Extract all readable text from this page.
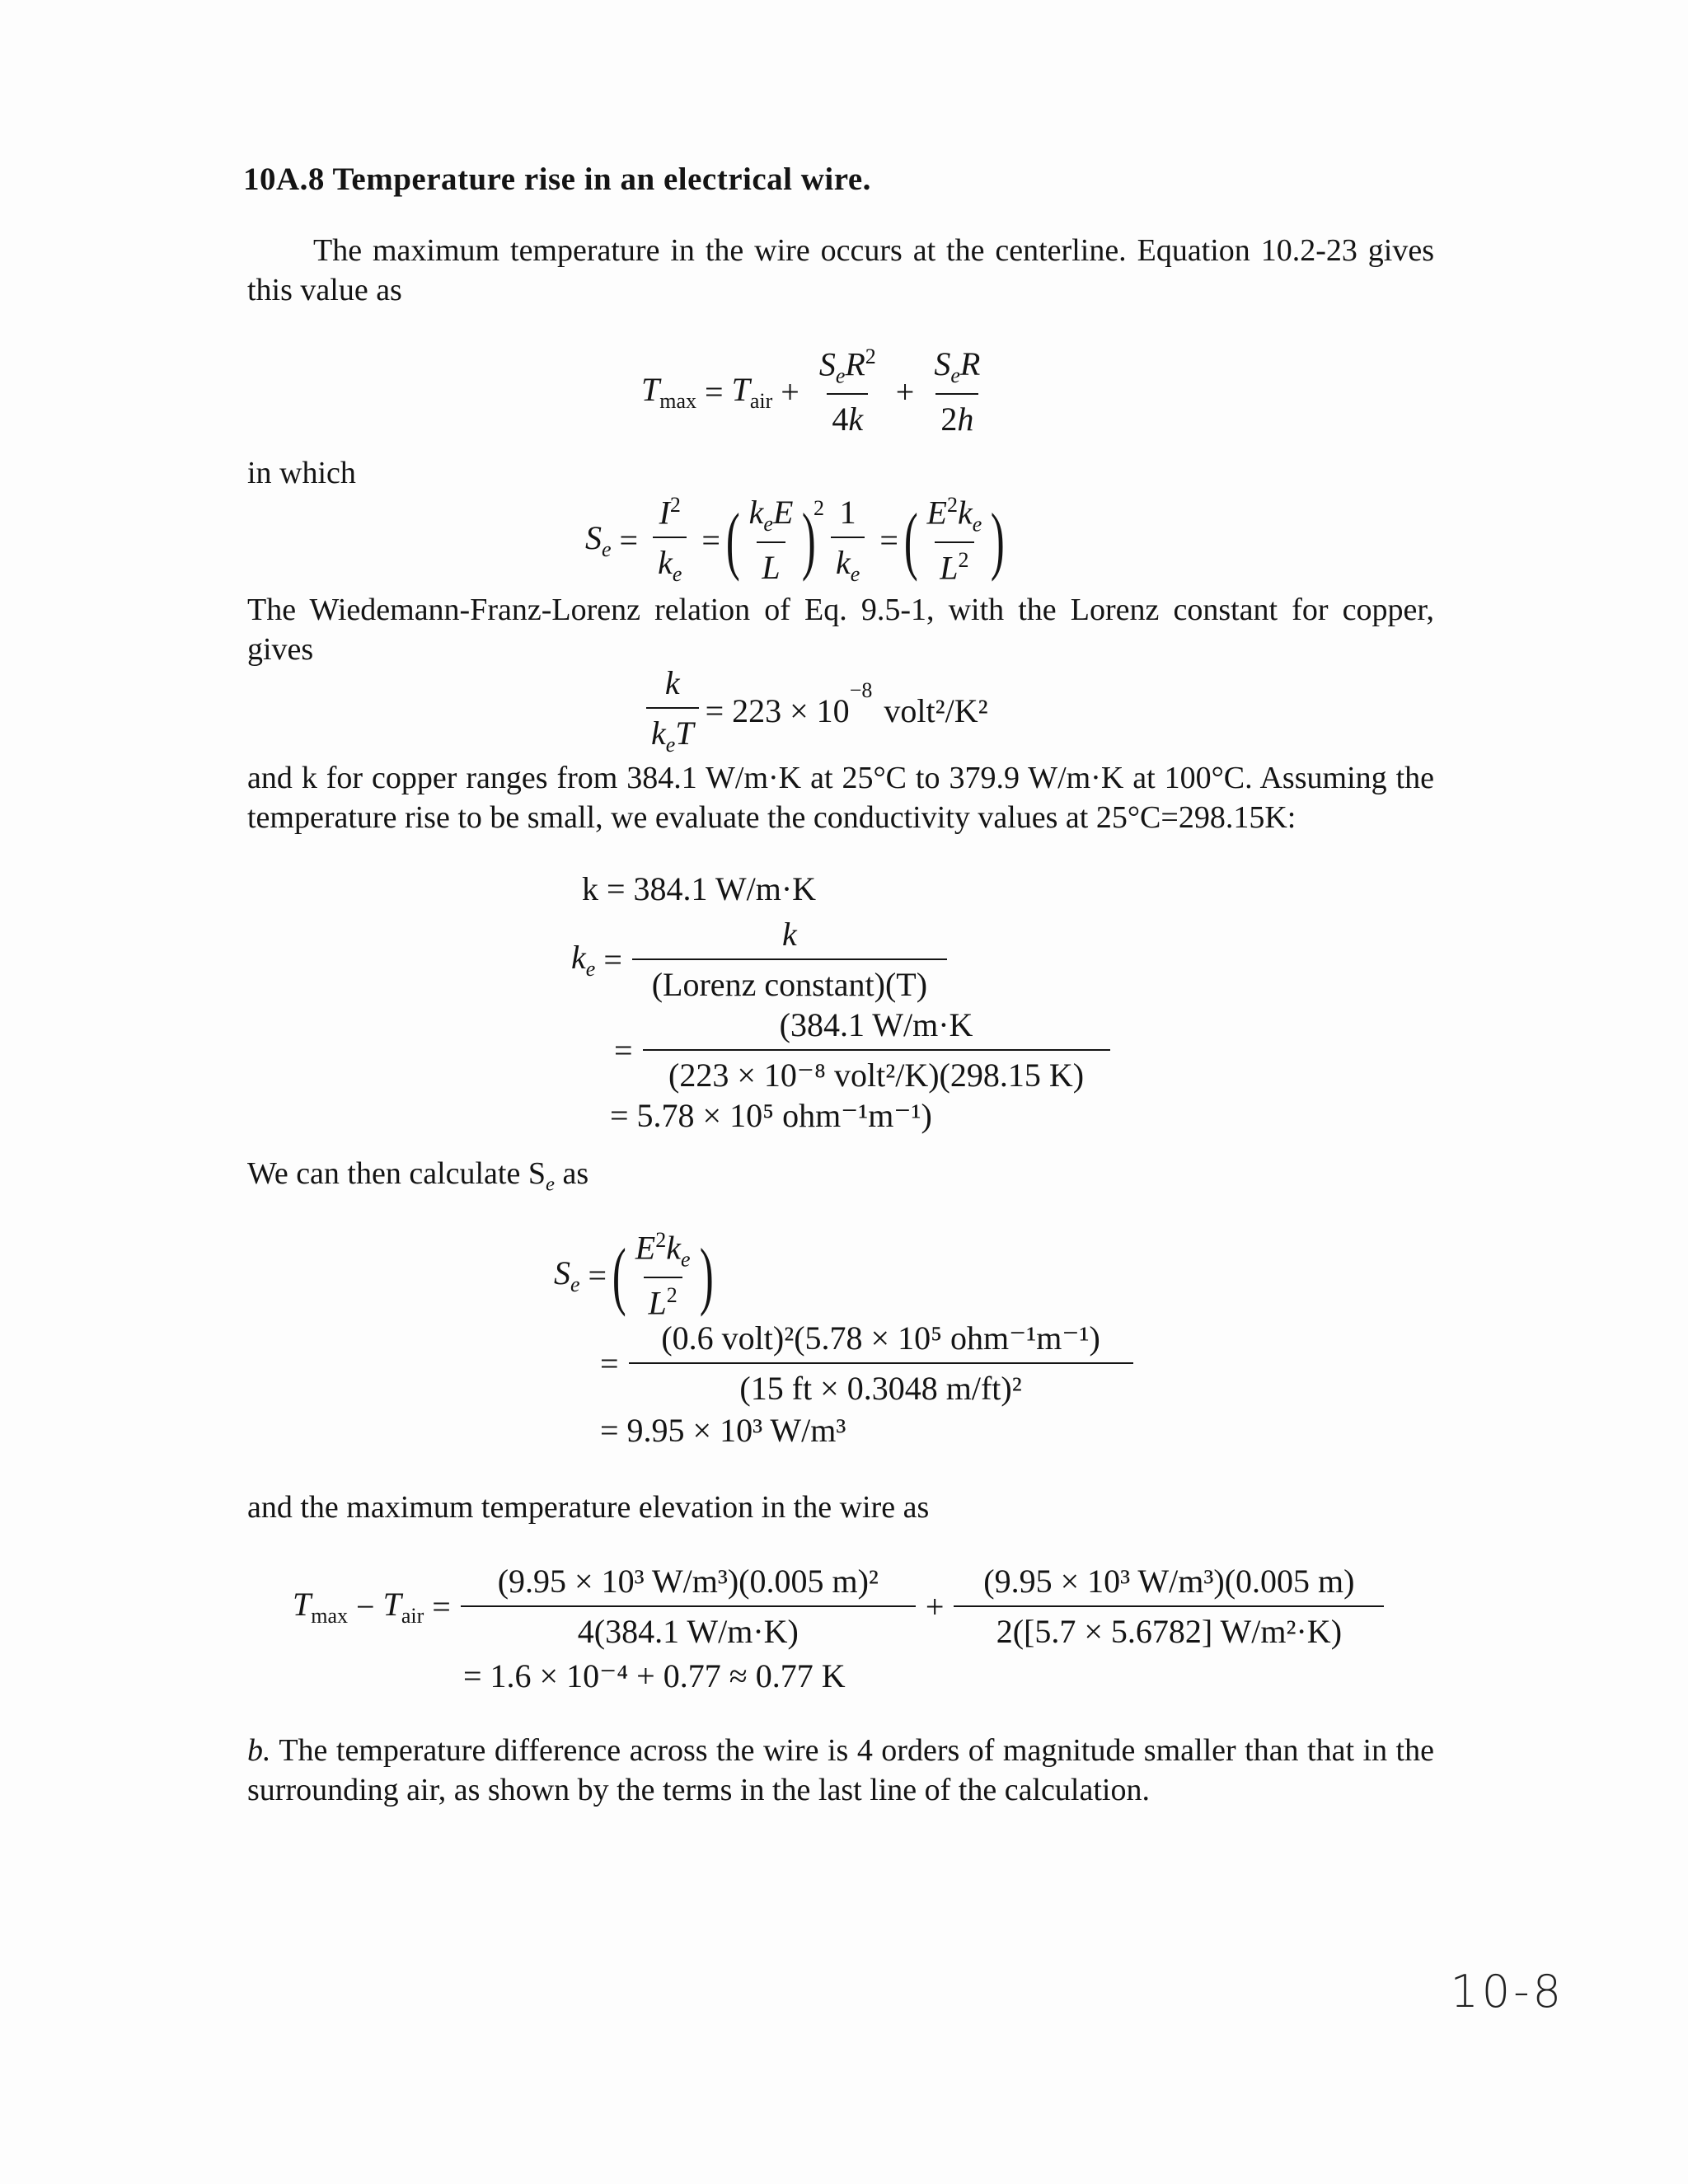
10A.8 Temperature rise in an electrical wire.
The maximum temperature in the wire occurs at the centerline. Equation 10.2-23 gives this value as
$T_{max} = T_{air} + \frac{S_eR^2}{4k} + \frac{S_eR}{2h}$
in which
$S_e = \frac{I^2}{k_e}$ = ( $\frac{k_eE}{L}$ )
$2 \frac{1}{k_e}$ = ( $\frac{E^2k_e}{L^2}$ )
The Wiedemann-Franz-Lorenz relation of Eq. 9.5-1, with the Lorenz constant for copper, gives
$\frac{k}{k_eT} = 223 \times 10$
$^{-8}$
volt²/K²
and k for copper ranges from 384.1 W/m·K at 25°C to 379.9 W/m·K at 100°C. Assuming the temperature rise to be small, we evaluate the conductivity values at 25°C=298.15K:
k = 384.1 W/m·K
$k_e = \frac{k}{\text{(Lorenz constant)(T)}}$
= $\frac{(384.1 W/m\cdot K}{\text{(223 × 10⁻⁸ volt²/K)(298.15 K)}}$
= 5.78 × 10⁵ ohm⁻¹m⁻¹)
We can then calculate $S_e$ as
$S_e$ = ( $\frac{E^2k_e}{L^2}$ )
= $\frac{\text{(0.6 volt)²(5.78 × 10⁵ ohm⁻¹m⁻¹)}}{\text{(15 ft × 0.3048 m/ft)²}}$
= 9.95 × 10³ W/m³
and the maximum temperature elevation in the wire as
$T_{max} - T_{air} = \frac{\text{(9.95 × 10³ W/m³)(0.005 m)²}}{4(384.1 W/m\cdot K)} + \frac{\text{(9.95 × 10³ W/m³)(0.005 m)}}{\text{2([5.7 × 5.6782] W/m²·K)}}$
= 1.6 × 10⁻⁴ + 0.77 ≈ 0.77 K
b. The temperature difference across the wire is 4 orders of magnitude smaller than that in the surrounding air, as shown by the terms in the last line of the calculation.
10-8
